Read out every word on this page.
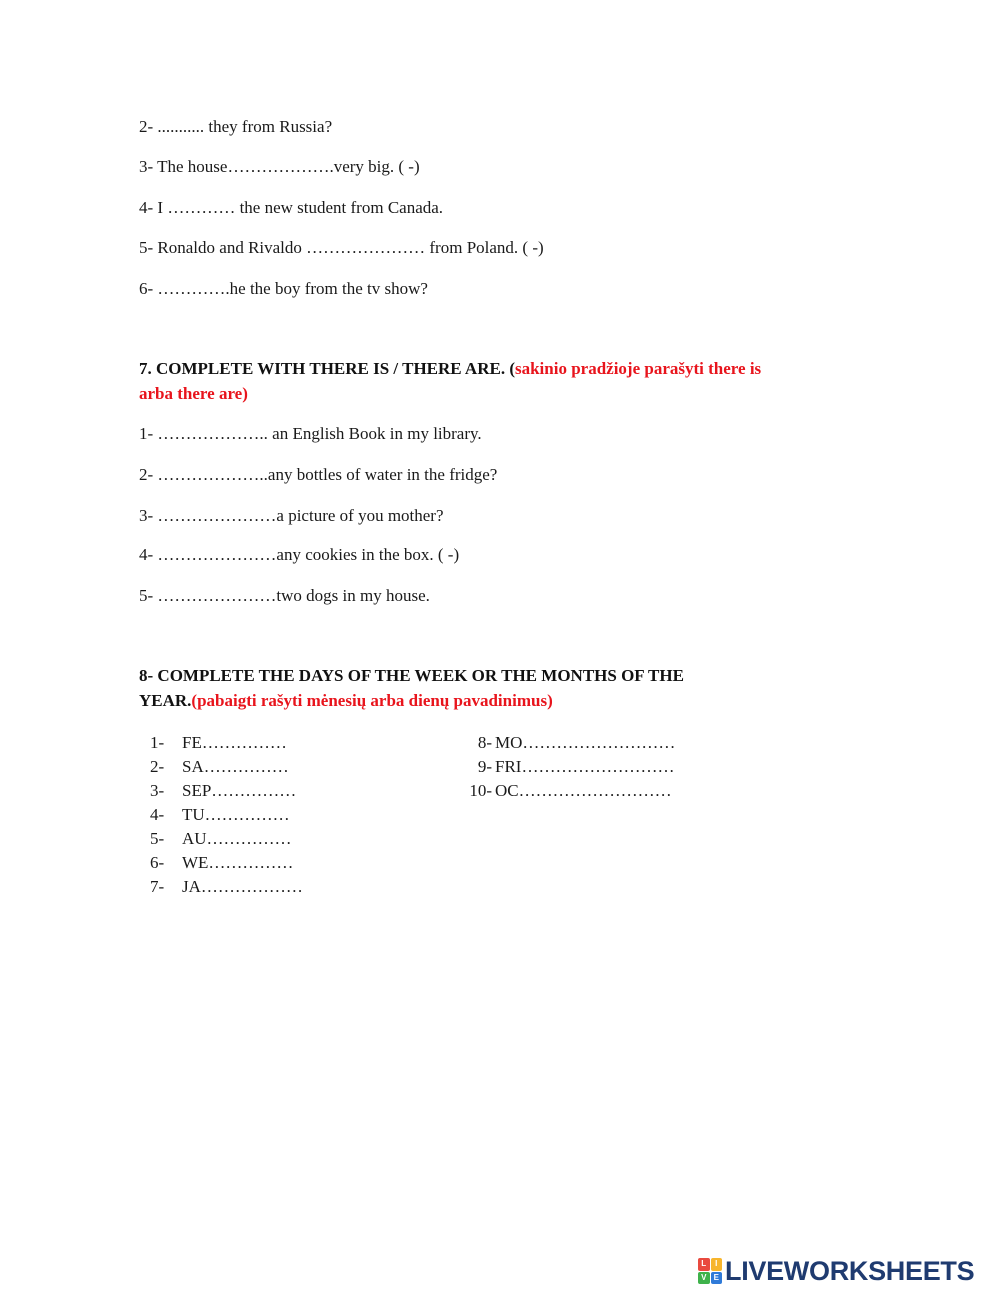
2- ........... they from Russia?
3- The house……………….very big. ( -)
4- I ………… the new student from Canada.
5- Ronaldo and Rivaldo ………………… from Poland. ( -)
6- ………….he the boy from the tv show?
7. COMPLETE WITH THERE IS / THERE ARE. (sakinio pradžioje parašyti there is
arba there are)
1- ……………….. an English Book in my library.
2- ………………..any bottles of water in the fridge?
3- …………………a picture of you mother?
4- …………………any cookies in the box. ( -)
5- …………………two dogs in my house.
8- COMPLETE THE DAYS OF THE WEEK OR THE MONTHS OF THE
YEAR.(pabaigti rašyti mėnesių arba dienų pavadinimus)
1- FE……………
2- SA……………
3- SEP……………
4- TU……………
5- AU……………
6- WE……………
7- JA………………
8- MO………………………
9- FRI………………………
10- OC………………………
L	I
V E LIVEWORKSHEETS
